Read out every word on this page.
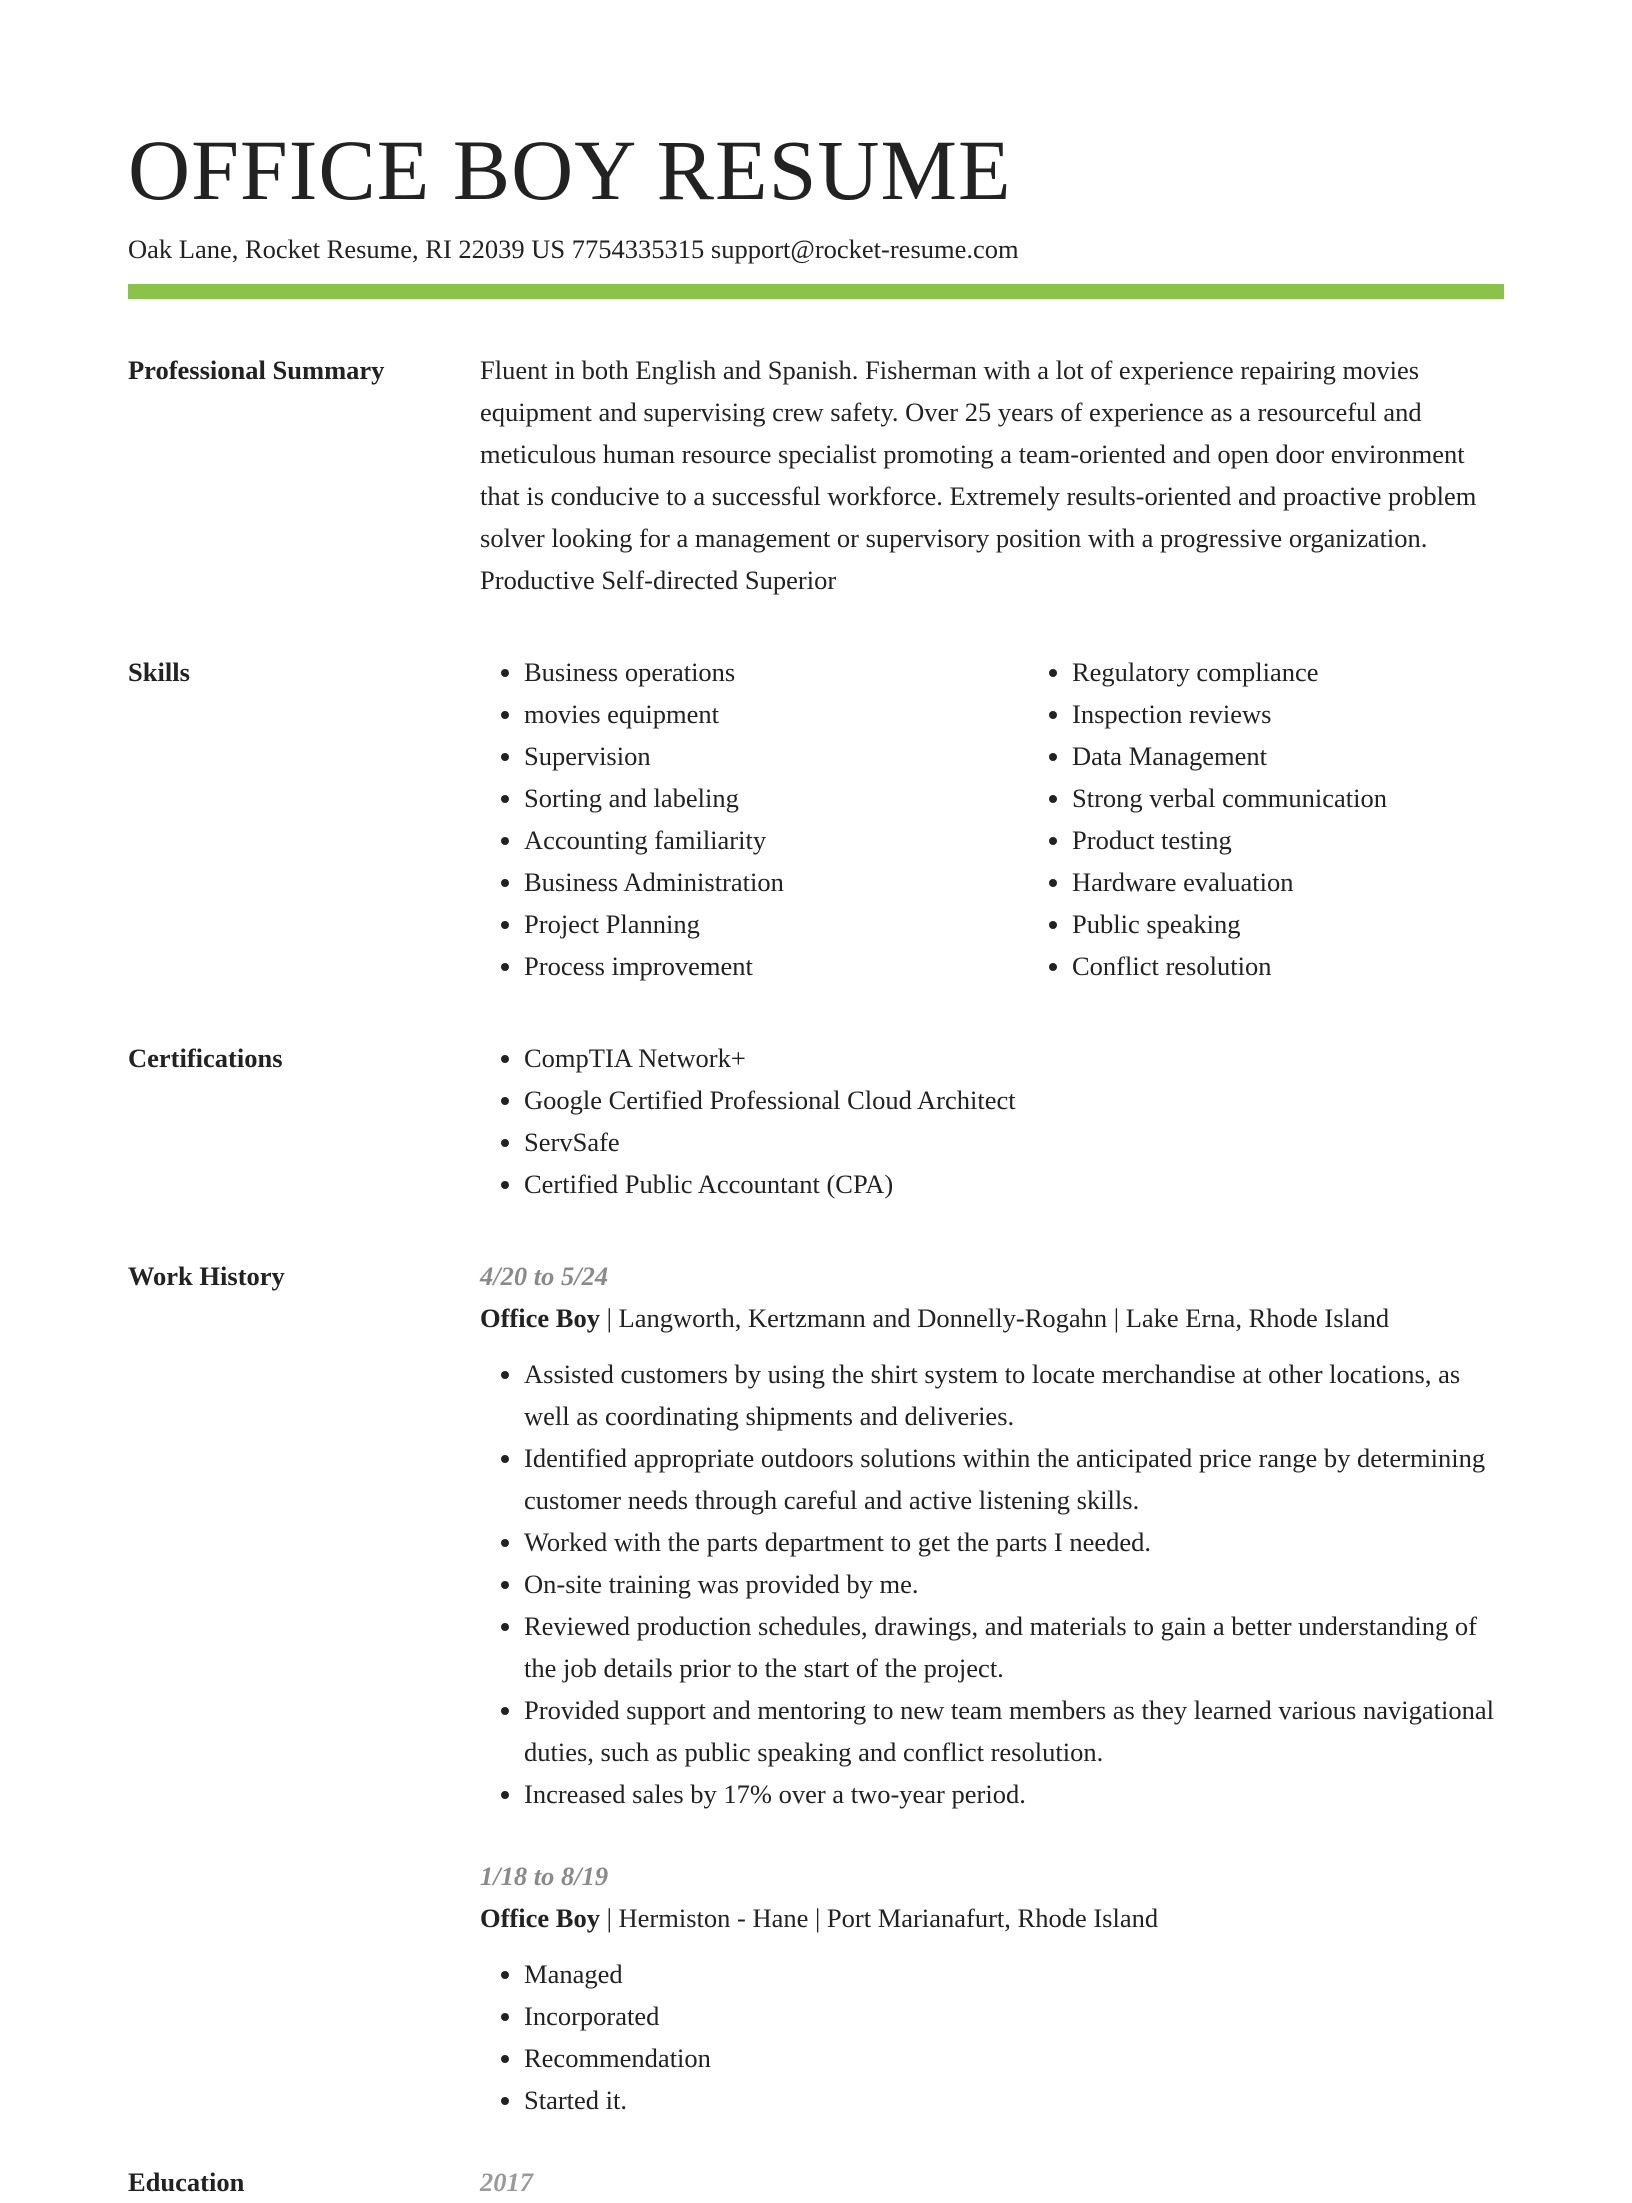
OFFICE BOY RESUME
Oak Lane, Rocket Resume, RI 22039 US 7754335315 support@rocket-resume.com
Professional Summary	Fluent in both English and Spanish. Fisherman with a lot of experience repairing movies equipment and supervising crew safety. Over 25 years of experience as a resourceful and meticulous human resource specialist promoting a team-oriented and open door environment that is conducive to a successful workforce. Extremely results-oriented and proactive problem solver looking for a management or supervisory position with a progressive organization. Productive Self-directed Superior

Skills	• Business operations
• movies equipment
• Supervision
• Sorting and labeling
• Accounting familiarity
• Business Administration
• Project Planning
• Process improvement
• Regulatory compliance
• Inspection reviews
• Data Management
• Strong verbal communication
• Product testing
• Hardware evaluation
• Public speaking
• Conflict resolution
Certifications	• CompTIA Network+
• Google Certified Professional Cloud Architect
• ServSafe
• Certified Public Accountant (CPA)
Work History	4/20 to 5/24
Office Boy | Langworth, Kertzmann and Donnelly-Rogahn | Lake Erna, Rhode Island
• Assisted customers by using the shirt system to locate merchandise at other locations, as well as coordinating shipments and deliveries.
• Identified appropriate outdoors solutions within the anticipated price range by determining customer needs through careful and active listening skills.
• Worked with the parts department to get the parts I needed.
• On-site training was provided by me.
• Reviewed production schedules, drawings, and materials to gain a better understanding of the job details prior to the start of the project.
• Provided support and mentoring to new team members as they learned various navigational duties, such as public speaking and conflict resolution.
• Increased sales by 17% over a two-year period.
1/18 to 8/19
Office Boy | Hermiston - Hane | Port Marianafurt, Rhode Island
• Managed
• Incorporated
• Recommendation
• Started it.
Education	2017
